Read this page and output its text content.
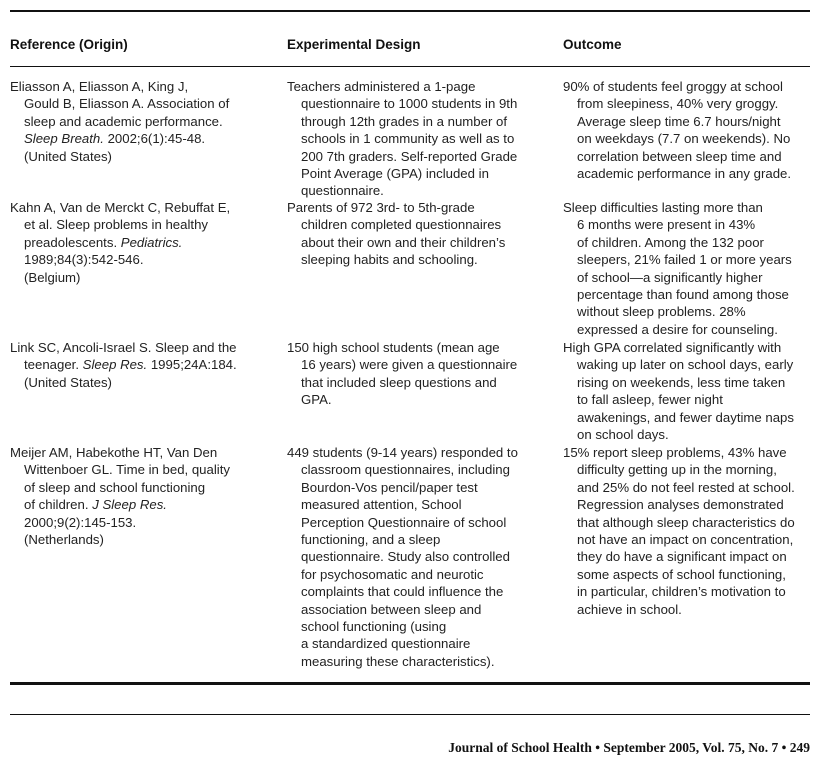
Reference (Origin)	Experimental Design	Outcome
Eliasson A, Eliasson A, King J,
Gould B, Eliasson A. Association of
sleep and academic performance.
Sleep Breath. 2002;6(1):45-48.
(United States)
Teachers administered a 1-page
questionnaire to 1000 students in 9th
through 12th grades in a number of
schools in 1 community as well as to
200 7th graders. Self-reported Grade
Point Average (GPA) included in
questionnaire.
90% of students feel groggy at school
from sleepiness, 40% very groggy.
Average sleep time 6.7 hours/night
on weekdays (7.7 on weekends). No
correlation between sleep time and
academic performance in any grade.
Kahn A, Van de Merckt C, Rebuffat E,
et al. Sleep problems in healthy
preadolescents. Pediatrics.
1989;84(3):542-546.
(Belgium)
Parents of 972 3rd- to 5th-grade
children completed questionnaires
about their own and their children’s
sleeping habits and schooling.
Sleep difficulties lasting more than
6 months were present in 43%
of children. Among the 132 poor
sleepers, 21% failed 1 or more years
of school—a significantly higher
percentage than found among those
without sleep problems. 28%
expressed a desire for counseling.
Link SC, Ancoli-Israel S. Sleep and the
teenager. Sleep Res. 1995;24A:184.
(United States)
150 high school students (mean age
16 years) were given a questionnaire
that included sleep questions and
GPA.
High GPA correlated significantly with
waking up later on school days, early
rising on weekends, less time taken
to fall asleep, fewer night
awakenings, and fewer daytime naps
on school days.
Meijer AM, Habekothe HT, Van Den
Wittenboer GL. Time in bed, quality
of sleep and school functioning
of children. J Sleep Res.
2000;9(2):145-153.
(Netherlands)
449 students (9-14 years) responded to
classroom questionnaires, including
Bourdon-Vos pencil/paper test
measured attention, School
Perception Questionnaire of school
functioning, and a sleep
questionnaire. Study also controlled
for psychosomatic and neurotic
complaints that could influence the
association between sleep and
school functioning (using
a standardized questionnaire
measuring these characteristics).
15% report sleep problems, 43% have
difficulty getting up in the morning,
and 25% do not feel rested at school.
Regression analyses demonstrated
that although sleep characteristics do
not have an impact on concentration,
they do have a significant impact on
some aspects of school functioning,
in particular, children’s motivation to
achieve in school.
Journal of School Health • September 2005, Vol. 75, No. 7 • 249
